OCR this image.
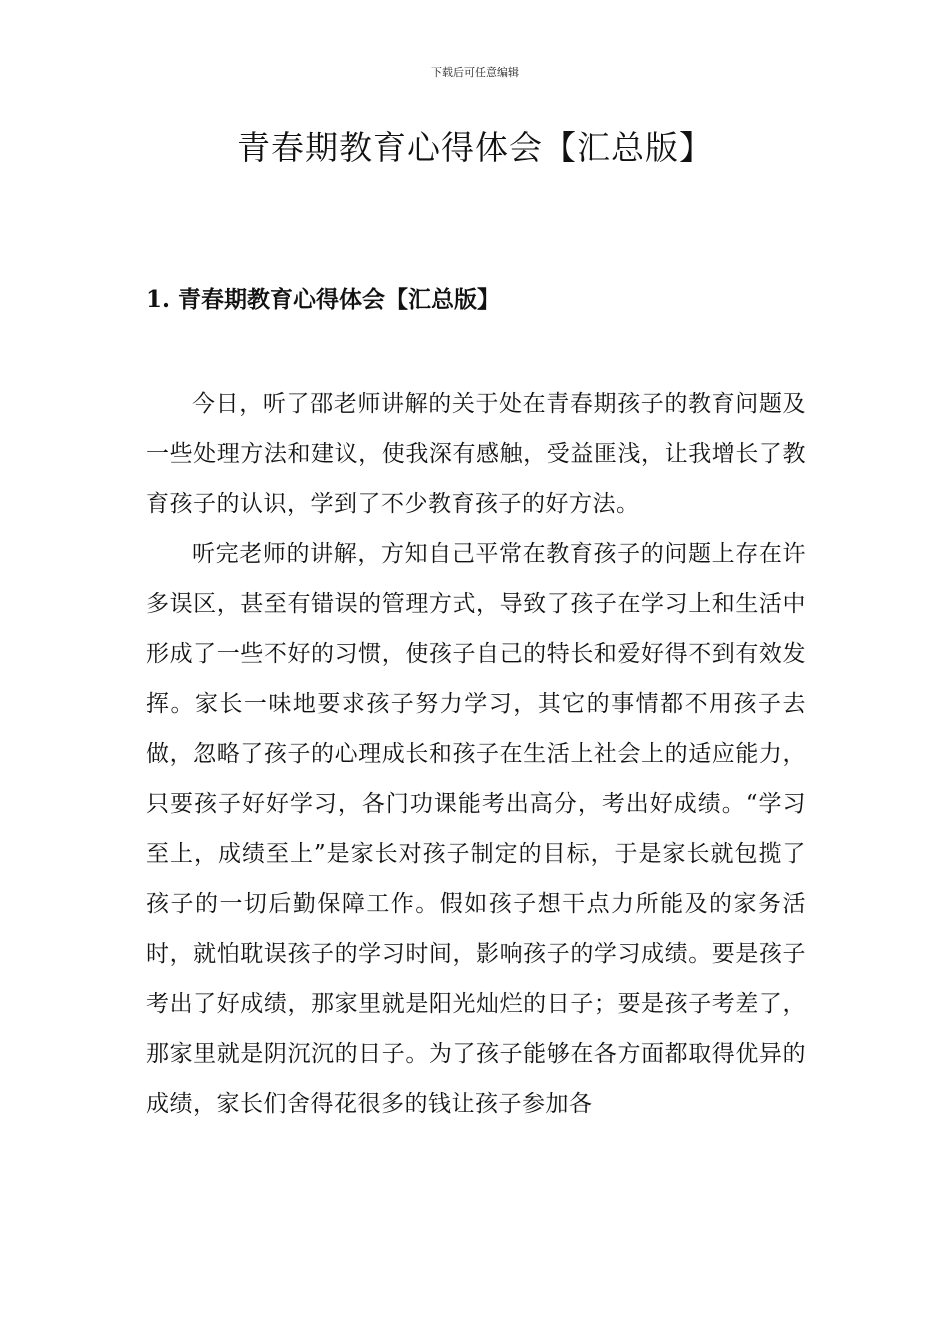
下载后可任意编辑
青春期教育心得体会【汇总版】
1. 青春期教育心得体会【汇总版】

今日，听了邵老师讲解的关于处在青春期孩子的教育问题及一些处理方法和建议，使我深有感触，受益匪浅，让我增长了教育孩子的认识，学到了不少教育孩子的好方法。

听完老师的讲解，方知自己平常在教育孩子的问题上存在许多误区，甚至有错误的管理方式，导致了孩子在学习上和生活中形成了一些不好的习惯，使孩子自己的特长和爱好得不到有效发挥。家长一味地要求孩子努力学习，其它的事情都不用孩子去做，忽略了孩子的心理成长和孩子在生活上社会上的适应能力，只要孩子好好学习，各门功课能考出高分，考出好成绩。“学习至上，成绩至上”是家长对孩子制定的目标，于是家长就包揽了孩子的一切后勤保障工作。假如孩子想干点力所能及的家务活时，就怕耽误孩子的学习时间，影响孩子的学习成绩。要是孩子考出了好成绩，那家里就是阳光灿烂的日子；要是孩子考差了，那家里就是阴沉沉的日子。为了孩子能够在各方面都取得优异的成绩，家长们舍得花很多的钱让孩子参加各
